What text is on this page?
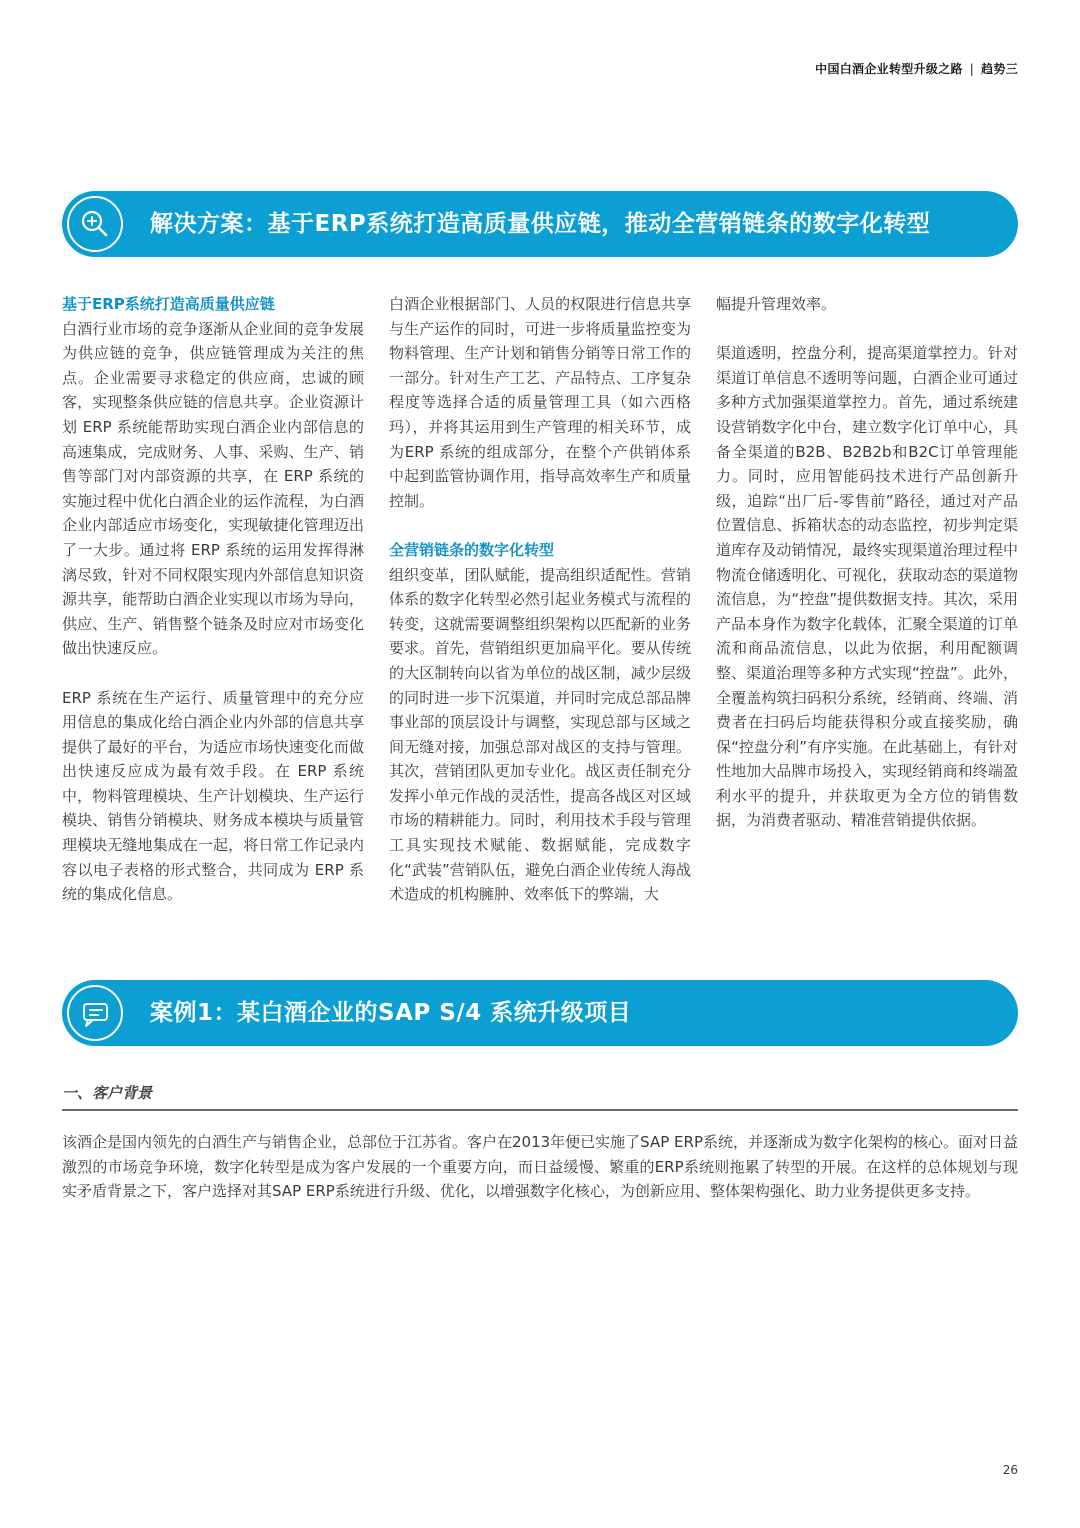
中国白酒企业转型升级之路 | 趋势三
解决方案：基于ERP系统打造高质量供应链，推动全营销链条的数字化转型
基于ERP系统打造高质量供应链

白酒行业市场的竞争逐渐从企业间的竞争发展为供应链的竞争，供应链管理成为关注的焦点。企业需要寻求稳定的供应商，忠诚的顾客，实现整条供应链的信息共享。企业资源计划 ERP 系统能帮助实现白酒企业内部信息的高速集成，完成财务、人事、采购、生产、销售等部门对内部资源的共享，在 ERP 系统的实施过程中优化白酒企业的运作流程，为白酒企业内部适应市场变化，实现敏捷化管理迈出了一大步。通过将 ERP 系统的运用发挥得淋漓尽致，针对不同权限实现内外部信息知识资源共享，能帮助白酒企业实现以市场为导向，供应、生产、销售整个链条及时应对市场变化做出快速反应。

ERP 系统在生产运行、质量管理中的充分应用信息的集成化给白酒企业内外部的信息共享提供了最好的平台，为适应市场快速变化而做出快速反应成为最有效手段。在 ERP 系统中，物料管理模块、生产计划模块、生产运行模块、销售分销模块、财务成本模块与质量管理模块无缝地集成在一起，将日常工作记录内容以电子表格的形式整合，共同成为 ERP 系统的集成化信息。

白酒企业根据部门、人员的权限进行信息共享与生产运作的同时，可进一步将质量监控变为物料管理、生产计划和销售分销等日常工作的一部分。针对生产工艺、产品特点、工序复杂程度等选择合适的质量管理工具（如六西格玛），并将其运用到生产管理的相关环节，成为ERP 系统的组成部分，在整个产供销体系中起到监管协调作用，指导高效率生产和质量控制。

全营销链条的数字化转型

组织变革，团队赋能，提高组织适配性。营销体系的数字化转型必然引起业务模式与流程的转变，这就需要调整组织架构以匹配新的业务要求。首先，营销组织更加扁平化。要从传统的大区制转向以省为单位的战区制，减少层级的同时进一步下沉渠道，并同时完成总部品牌事业部的顶层设计与调整，实现总部与区域之间无缝对接，加强总部对战区的支持与管理。其次，营销团队更加专业化。战区责任制充分发挥小单元作战的灵活性，提高各战区对区域市场的精耕能力。同时，利用技术手段与管理工具实现技术赋能、数据赋能，完成数字化“武装”营销队伍，避免白酒企业传统人海战术造成的机构臃肿、效率低下的弊端，大

幅提升管理效率。

渠道透明，控盘分利，提高渠道掌控力。针对渠道订单信息不透明等问题，白酒企业可通过多种方式加强渠道掌控力。首先，通过系统建设营销数字化中台，建立数字化订单中心，具备全渠道的B2B、B2B2b和B2C订单管理能力。同时，应用智能码技术进行产品创新升级，追踪“出厂后-零售前”路径，通过对产品位置信息、拆箱状态的动态监控，初步判定渠道库存及动销情况，最终实现渠道治理过程中物流仓储透明化、可视化，获取动态的渠道物流信息，为“控盘”提供数据支持。其次，采用产品本身作为数字化载体，汇聚全渠道的订单流和商品流信息，以此为依据，利用配额调整、渠道治理等多种方式实现“控盘”。此外，全覆盖构筑扫码积分系统，经销商、终端、消费者在扫码后均能获得积分或直接奖励，确保“控盘分利”有序实施。在此基础上，有针对性地加大品牌市场投入，实现经销商和终端盈利水平的提升，并获取更为全方位的销售数据，为消费者驱动、精准营销提供依据。

案例1：某白酒企业的SAP S/4 系统升级项目
一、客户背景
该酒企是国内领先的白酒生产与销售企业，总部位于江苏省。客户在2013年便已实施了SAP ERP系统，并逐渐成为数字化架构的核心。面对日益激烈的市场竞争环境，数字化转型是成为客户发展的一个重要方向，而日益缓慢、繁重的ERP系统则拖累了转型的开展。在这样的总体规划与现实矛盾背景之下，客户选择对其SAP ERP系统进行升级、优化，以增强数字化核心，为创新应用、整体架构强化、助力业务提供更多支持。
26
